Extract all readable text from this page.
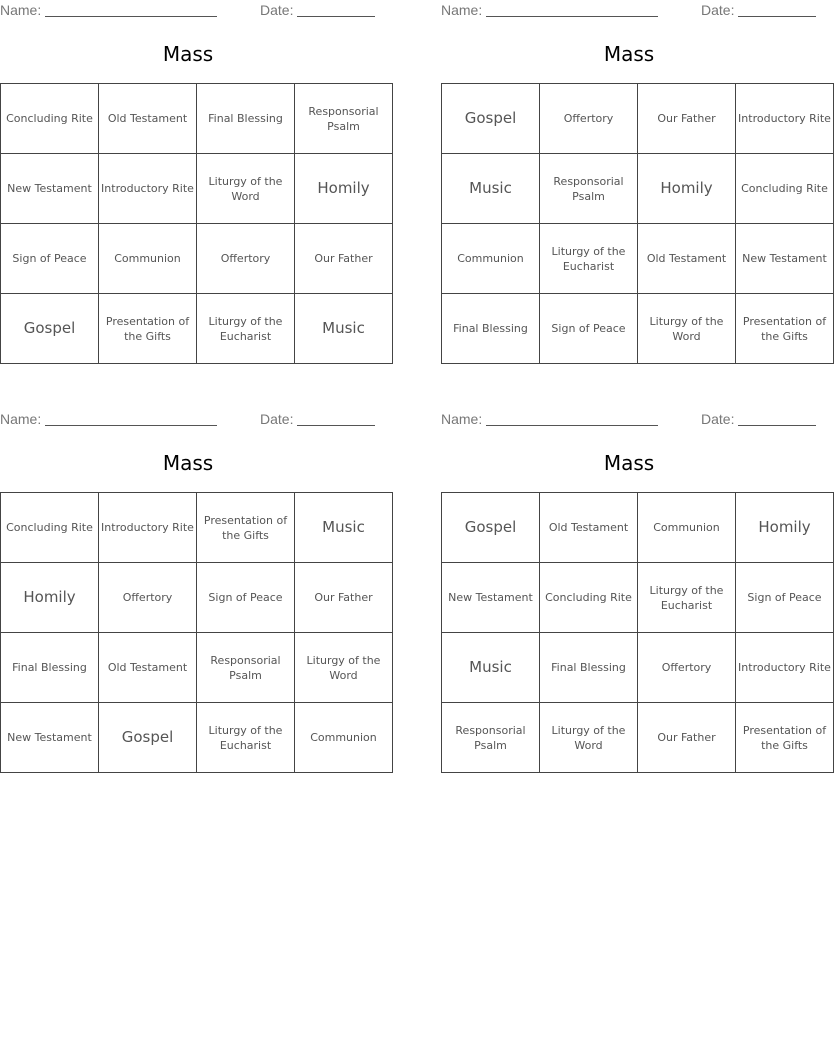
Name:	Date:
Mass
Concluding Rite	Old Testament	Final Blessing	Responsorial Psalm
New Testament	Introductory Rite	Liturgy of the Word	Homily
Sign of Peace	Communion	Offertory	Our Father
Gospel	Presentation of the Gifts	Liturgy of the Eucharist	Music
Name:	Date:
Mass
Gospel	Offertory	Our Father	Introductory Rite
Music	Responsorial Psalm	Homily	Concluding Rite
Communion	Liturgy of the Eucharist	Old Testament	New Testament
Final Blessing	Sign of Peace	Liturgy of the Word	Presentation of the Gifts
Name:	Date:
Mass
Concluding Rite	Introductory Rite	Presentation of the Gifts	Music
Homily	Offertory	Sign of Peace	Our Father
Final Blessing	Old Testament	Responsorial Psalm	Liturgy of the Word
New Testament	Gospel	Liturgy of the Eucharist	Communion
Name:	Date:
Mass
Gospel	Old Testament	Communion	Homily
New Testament	Concluding Rite	Liturgy of the Eucharist	Sign of Peace
Music	Final Blessing	Offertory	Introductory Rite
Responsorial Psalm	Liturgy of the Word	Our Father	Presentation of the Gifts
